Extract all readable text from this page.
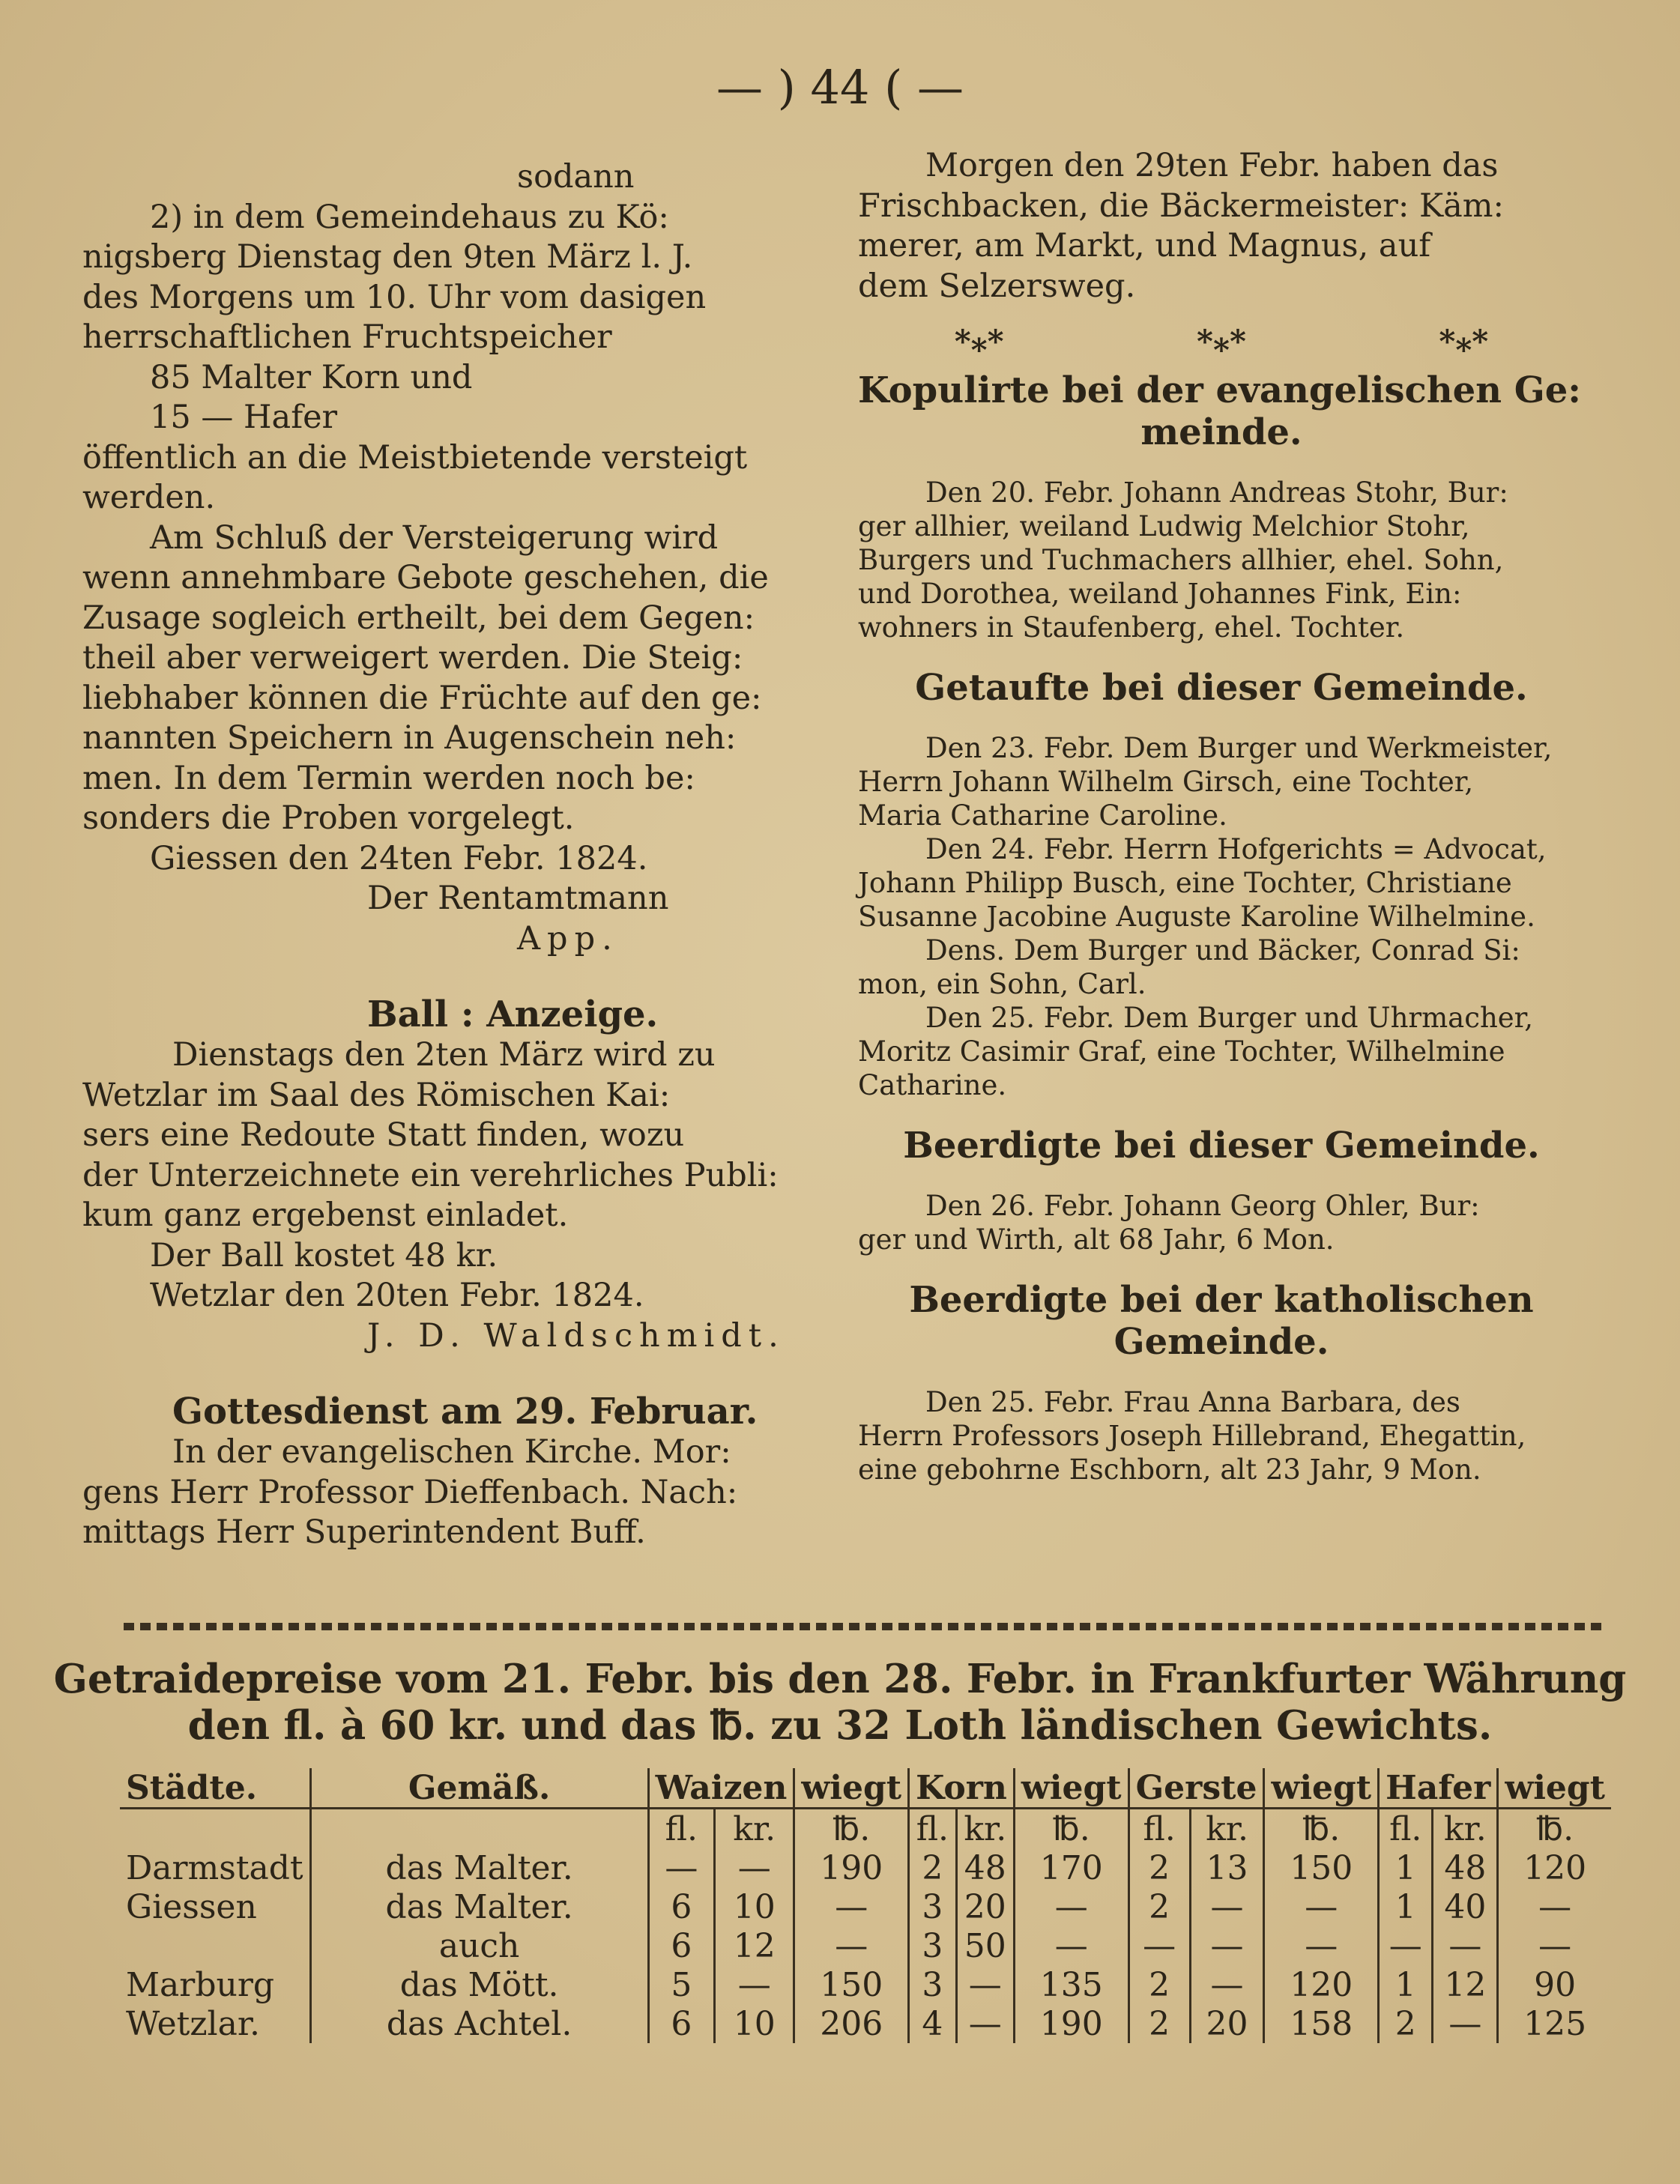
— ) 44 ( —

sodann

2) in dem Gemeindehaus zu Kö:

nigsberg Dienstag den 9ten März l. J.

des Morgens um 10. Uhr vom dasigen

herrschaftlichen Fruchtspeicher

85 Malter Korn und

15 — Hafer

öffentlich an die Meistbietende versteigt

werden.

Am Schluß der Versteigerung wird

wenn annehmbare Gebote geschehen, die

Zusage sogleich ertheilt, bei dem Gegen:

theil aber verweigert werden. Die Steig:

liebhaber können die Früchte auf den ge:

nannten Speichern in Augenschein neh:

men. In dem Termin werden noch be:

sonders die Proben vorgelegt.

Giessen den 24ten Febr. 1824.

Der Rentamtmann

App.

Ball : Anzeige.

Dienstags den 2ten März wird zu

Wetzlar im Saal des Römischen Kai:

sers eine Redoute Statt finden, wozu

der Unterzeichnete ein verehrliches Publi:

kum ganz ergebenst einladet.

Der Ball kostet 48 kr.

Wetzlar den 20ten Febr. 1824.

J. D. Waldschmidt.

Gottesdienst am 29. Februar.

In der evangelischen Kirche. Mor:

gens Herr Professor Dieffenbach. Nach:

mittags Herr Superintendent Buff.

Morgen den 29ten Febr. haben das

Frischbacken, die Bäckermeister: Käm:

merer, am Markt, und Magnus, auf

dem Selzersweg.

*⁎*	*⁎*	*⁎*

Kopulirte bei der evangelischen Ge:

meinde.

Den 20. Febr. Johann Andreas Stohr, Bur:

ger allhier, weiland Ludwig Melchior Stohr,

Burgers und Tuchmachers allhier, ehel. Sohn,

und Dorothea, weiland Johannes Fink, Ein:

wohners in Staufenberg, ehel. Tochter.

Getaufte bei dieser Gemeinde.

Den 23. Febr. Dem Burger und Werkmeister,

Herrn Johann Wilhelm Girsch, eine Tochter,

Maria Catharine Caroline.

Den 24. Febr. Herrn Hofgerichts = Advocat,

Johann Philipp Busch, eine Tochter, Christiane

Susanne Jacobine Auguste Karoline Wilhelmine.

Dens. Dem Burger und Bäcker, Conrad Si:

mon, ein Sohn, Carl.

Den 25. Febr. Dem Burger und Uhrmacher,

Moritz Casimir Graf, eine Tochter, Wilhelmine

Catharine.

Beerdigte bei dieser Gemeinde.

Den 26. Febr. Johann Georg Ohler, Bur:

ger und Wirth, alt 68 Jahr, 6 Mon.

Beerdigte bei der katholischen

Gemeinde.

Den 25. Febr. Frau Anna Barbara, des

Herrn Professors Joseph Hillebrand, Ehegattin,

eine gebohrne Eschborn, alt 23 Jahr, 9 Mon.

Getraidepreise vom 21. Febr. bis den 28. Febr. in Frankfurter Währung
den fl. à 60 kr. und das ℔. zu 32 Loth ländischen Gewichts.
Städte.	Gemäß.	Waizen		wiegt	Korn		wiegt	Gerste		wiegt	Hafer		wiegt
		fl.	kr.	℔.	fl.	kr.	℔.	fl.	kr.	℔.	fl.	kr.	℔.
Darmstadt	das Malter.	—	—	190	2	48	170	2	13	150	1	48	120
Giessen	das Malter.	6	10	—	3	20	—	2	—	—	1	40	—
	auch	6	12	—	3	50	—	—	—	—	—	—	—
Marburg	das Mött.	5	—	150	3	—	135	2	—	120	1	12	90
Wetzlar.	das Achtel.	6	10	206	4	—	190	2	20	158	2	—	125
